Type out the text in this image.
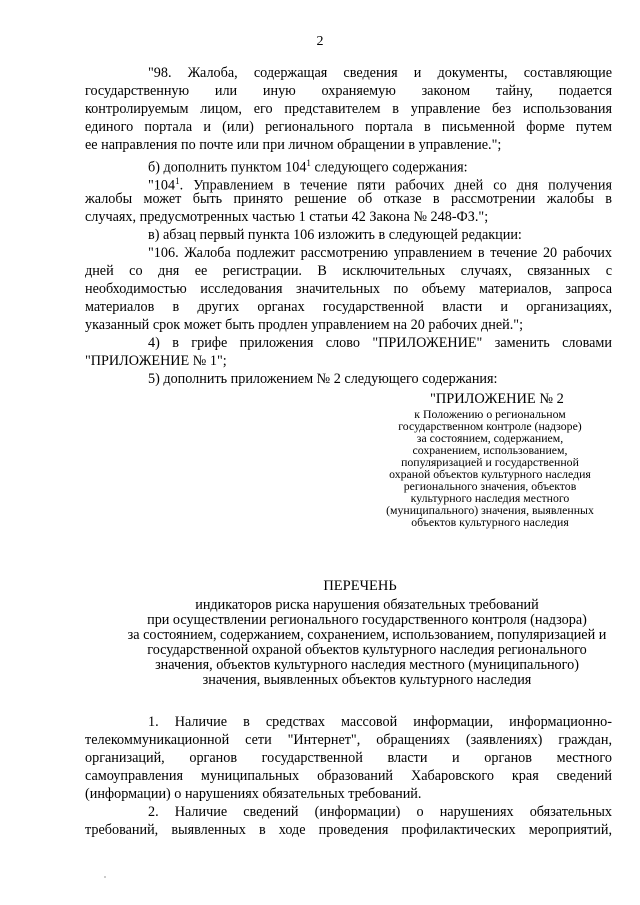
2
"98. Жалоба, содержащая сведения и документы, составляющие
государственную или иную охраняемую законом тайну, подается
контролируемым лицом, его представителем в управление без использования
единого портала и (или) регионального портала в письменной форме путем
ее направления по почте или при личном обращении в управление.";
б) дополнить пунктом $104^1$ следующего содержания:
"$104^1$. Управлением в течение пяти рабочих дней со дня получения
жалобы может быть принято решение об отказе в рассмотрении жалобы в
случаях, предусмотренных частью 1 статьи 42 Закона № 248-ФЗ.";
в) абзац первый пункта 106 изложить в следующей редакции:
"106. Жалоба подлежит рассмотрению управлением в течение 20 рабочих
дней со дня ее регистрации. В исключительных случаях, связанных с
необходимостью исследования значительных по объему материалов, запроса
материалов в других органах государственной власти и организациях,
указанный срок может быть продлен управлением на 20 рабочих дней.";
4) в грифе приложения слово "ПРИЛОЖЕНИЕ" заменить словами
"ПРИЛОЖЕНИЕ № 1";
5) дополнить приложением № 2 следующего содержания:
"ПРИЛОЖЕНИЕ № 2
к Положению о региональном
государственном контроле (надзоре)
за состоянием, содержанием,
сохранением, использованием,
популяризацией и государственной
охраной объектов культурного наследия
регионального значения, объектов
культурного наследия местного
(муниципального) значения, выявленных
объектов культурного наследия
ПЕРЕЧЕНЬ
индикаторов риска нарушения обязательных требований
при осуществлении регионального государственного контроля (надзора)
за состоянием, содержанием, сохранением, использованием, популяризацией и
государственной охраной объектов культурного наследия регионального
значения, объектов культурного наследия местного (муниципального)
значения, выявленных объектов культурного наследия
1. Наличие в средствах массовой информации, информационно-
телекоммуникационной сети "Интернет", обращениях (заявлениях) граждан,
организаций, органов государственной власти и органов местного
самоуправления муниципальных образований Хабаровского края сведений
(информации) о нарушениях обязательных требований.
2. Наличие сведений (информации) о нарушениях обязательных
требований, выявленных в ходе проведения профилактических мероприятий,
